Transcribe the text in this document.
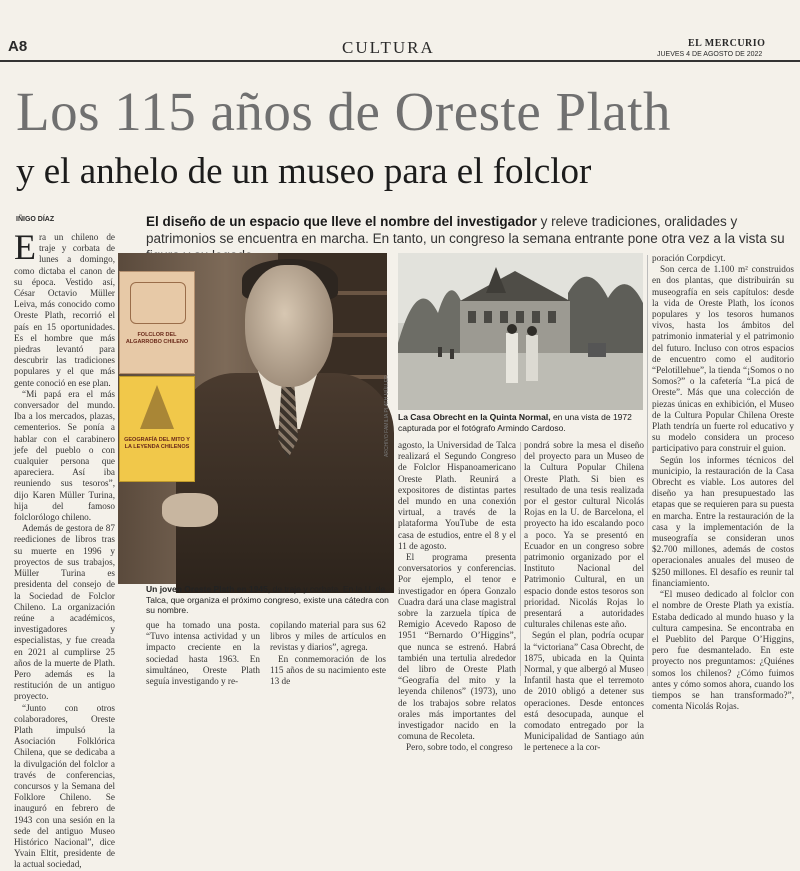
A8	CULTURA	EL MERCURIO
JUEVES 4 DE AGOSTO DE 2022
Los 115 años de Oreste Plath
y el anhelo de un museo para el folclor
IÑIGO DÍAZ	El diseño de un espacio que lleve el nombre del investigador y releve tradiciones, oralidades y patrimonios se encuentra en marcha. En tanto, un congreso la semana entrante pone otra vez a la vista su

Era un chileno de traje y corbata de lunes a domingo, como dictaba el canon de su época. Vestido así, César Octavio Müller Leiva, más conocido como Oreste Plath, recorrió el país en 15 oportunidades. Es el hombre que más piedras levantó para descubrir las tradiciones populares y el que más gente conoció en ese plan.

“Mi papá era el más conversador del mundo. Iba a los mercados, plazas, cementerios. Se ponía a hablar con el carabinero jefe del pueblo o con cualquier persona que apareciera. Así iba reuniendo sus tesoros”, dijo Karen Müller Turina, hija del famoso folclorólogo chileno.

Además de gestora de 87 reediciones de libros tras su muerte en 1996 y proyectos de sus trabajos, Müller Turina es presidenta del consejo de la Sociedad de Folclor Chileno. La organización reúne a académicos, investigadores y especialistas, y fue creada en 2021 al cumplirse 25 años de la muerte de Plath. Pero además es la restitución de un antiguo proyecto.

“Junto con otros colaboradores, Oreste Plath impulsó la Asociación Folklórica Chilena, que se dedicaba a la divulgación del folclor a través de conferencias, concursos y la Semana del Folklore Chileno. Se inauguró en febrero de 1943 con una sesión en la sede del antiguo Museo Histórico Nacional”, dice Yvain Eltit, presidente de la actual sociedad,

FOLCLOR DEL ALGARROBO CHILENO
GEOGRAFÍA DEL MITO Y LA LEYENDA CHILENOS	ARCHIVO FAMILIA PLATH MÜLLER
Un joven Oreste Plath en 1945, de traje y corbata. En la U. de Talca, que organiza el próximo congreso, existe una cátedra con su nombre.
La Casa Obrecht en la Quinta Normal, en una vista de 1972 capturada por el fotógrafo Armindo Cardoso.

que ha tomado una posta. “Tuvo intensa actividad y un impacto creciente en la sociedad hasta 1963. En simultáneo, Oreste Plath seguía investigando y re-

copilando material para sus 62 libros y miles de artículos en revistas y diarios”, agrega.

En conmemoración de los 115 años de su nacimiento este 13 de

agosto, la Universidad de Talca realizará el Segundo Congreso de Folclor Hispanoamericano Oreste Plath. Reunirá a expositores de distintas partes del mundo en una conexión virtual, a través de la plataforma YouTube de esta casa de estudios, entre el 8 y el 11 de agosto.

El programa presenta conversatorios y conferencias. Por ejemplo, el tenor e investigador en ópera Gonzalo Cuadra dará una clase magistral sobre la zarzuela típica de Remigio Acevedo Raposo de 1951 “Bernardo O’Higgins”, que nunca se estrenó. Habrá también una tertulia alrededor del libro de Oreste Plath “Geografía del mito y la leyenda chilenos” (1973), uno de los trabajos sobre relatos orales más importantes del investigador nacido en la comuna de Recoleta.

Pero, sobre todo, el congreso

pondrá sobre la mesa el diseño del proyecto para un Museo de la Cultura Popular Chilena Oreste Plath. Si bien es resultado de una tesis realizada por el gestor cultural Nicolás Rojas en la U. de Barcelona, el proyecto ha ido escalando poco a poco. Ya se presentó en Ecuador en un congreso sobre patrimonio organizado por el Instituto Nacional del Patrimonio Cultural, en un espacio donde estos tesoros son prioridad. Nicolás Rojas lo presentará a autoridades culturales chilenas este año.

Según el plan, podría ocupar la “victoriana” Casa Obrecht, de 1875, ubicada en la Quinta Normal, y que albergó al Museo Infantil hasta que el terremoto de 2010 obligó a detener sus operaciones. Desde entonces está desocupada, aunque el comodato entregado por la Municipalidad de Santiago aún le pertenece a la cor-

poración Corpdicyt.

Son cerca de 1.100 m² construidos en dos plantas, que distribuirán su museografía en seis capítulos: desde la vida de Oreste Plath, los íconos populares y los tesoros humanos vivos, hasta los ámbitos del patrimonio inmaterial y el patrimonio del futuro. Incluso con otros espacios de encuentro como el auditorio “Pelotillehue”, la tienda “¡Somos o no Somos?” o la cafetería “La picá de Oreste”. Más que una colección de piezas únicas en exhibición, el Museo de la Cultura Popular Chilena Oreste Plath tendría un fuerte rol educativo y su modelo considera un proceso participativo para construir el guion.

Según los informes técnicos del municipio, la restauración de la Casa Obrecht es viable. Los autores del diseño ya han presupuestado las etapas que se requieren para su puesta en marcha. Entre la restauración de la casa y la implementación de la museografía se consideran unos $2.700 millones, además de costos operacionales anuales del museo de $250 millones. El desafío es reunir tal financiamiento.

“El museo dedicado al folclor con el nombre de Oreste Plath ya existía. Estaba dedicado al mundo huaso y la cultura campesina. Se encontraba en el Pueblito del Parque O’Higgins, pero fue desmantelado. En este proyecto nos preguntamos: ¿Quiénes somos los chilenos? ¿Cómo fuimos antes y cómo somos ahora, cuando los tiempos se han transformado?”, comenta Nicolás Rojas.
